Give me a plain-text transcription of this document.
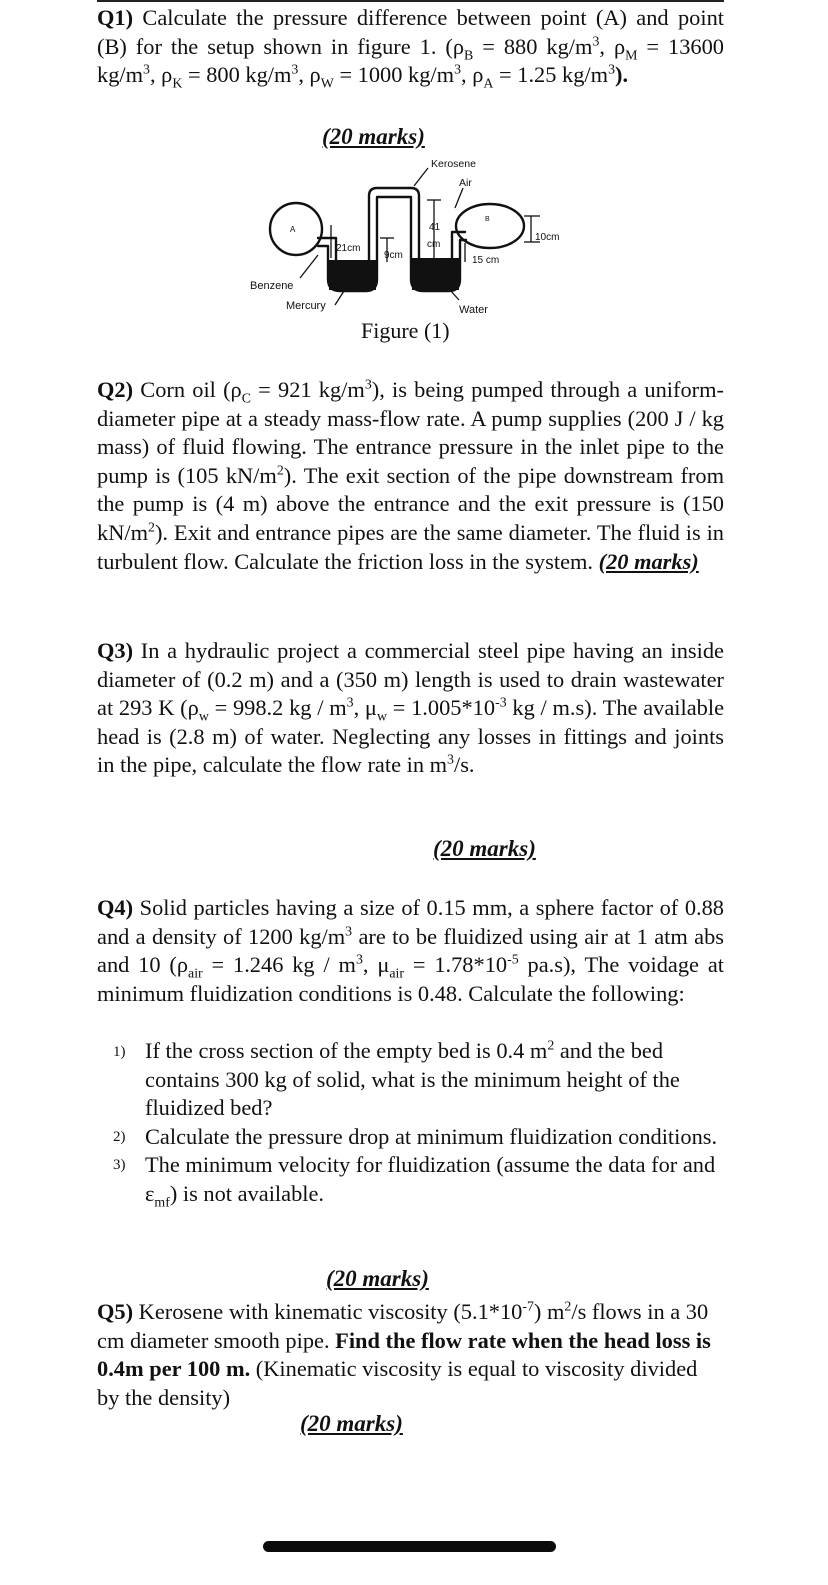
Q1) Calculate the pressure difference between point (A) and point (B) for the setup shown in figure 1. ($\rho_B = 880$ $kg/m^3$, $\rho_M = 13600$ $kg/m^3$, $\rho_K = 800$ $kg/m^3$, $\rho_W = 1000$ $kg/m^3$, $\rho_A = 1.25$ $kg/m^3$).

(20 marks)
Kerosene
Air
A
B
21cm
9cm
41
cm
15 cm
10cm
Benzene
Mercury	Water
Figure (1)

Q2) Corn oil ($\rho_C = 921$ $kg/m^3$), is being pumped through a uniform-diameter pipe at a steady mass-flow rate. A pump supplies (200 J / kg mass) of fluid flowing. The entrance pressure in the inlet pipe to the pump is (105 $kN/m^2$). The exit section of the pipe downstream from the pump is (4 m) above the entrance and the exit pressure is (150 $kN/m^2$). Exit and entrance pipes are the same diameter. The fluid is in turbulent flow. Calculate the friction loss in the system. (20 marks)

Q3) In a hydraulic project a commercial steel pipe having an inside diameter of (0.2 m) and a (350 m) length is used to drain wastewater at 293 K ($\rho_w = 998.2$ kg / $m^3$, $\mu_w = 1.005*10^{-3}$ kg / m.s). The available head is (2.8 m) of water. Neglecting any losses in fittings and joints in the pipe, calculate the flow rate in $m^3/s$.

(20 marks)

Q4) Solid particles having a size of 0.15 mm, a sphere factor of 0.88 and a density of 1200 $kg/m^3$ are to be fluidized using air at 1 atm abs and 10 ($\rho_{air} = 1.246$ kg / $m^3$, $\mu_{air} = 1.78*10^{-5}$ pa.s), The voidage at minimum fluidization conditions is 0.48. Calculate the following:

1) If the cross section of the empty bed is 0.4 $m^2$ and the bed contains 300 kg of solid, what is the minimum height of the fluidized bed?
2) Calculate the pressure drop at minimum fluidization conditions.
3) The minimum velocity for fluidization (assume the data for and $\varepsilon_{mf}$) is not available.
(20 marks)

Q5) Kerosene with kinematic viscosity $(5.1*10^{-7})$ $m^2/s$ flows in a 30 cm diameter smooth pipe. Find the flow rate when the head loss is 0.4m per 100 m. (Kinematic viscosity is equal to viscosity divided by the density)

(20 marks)
